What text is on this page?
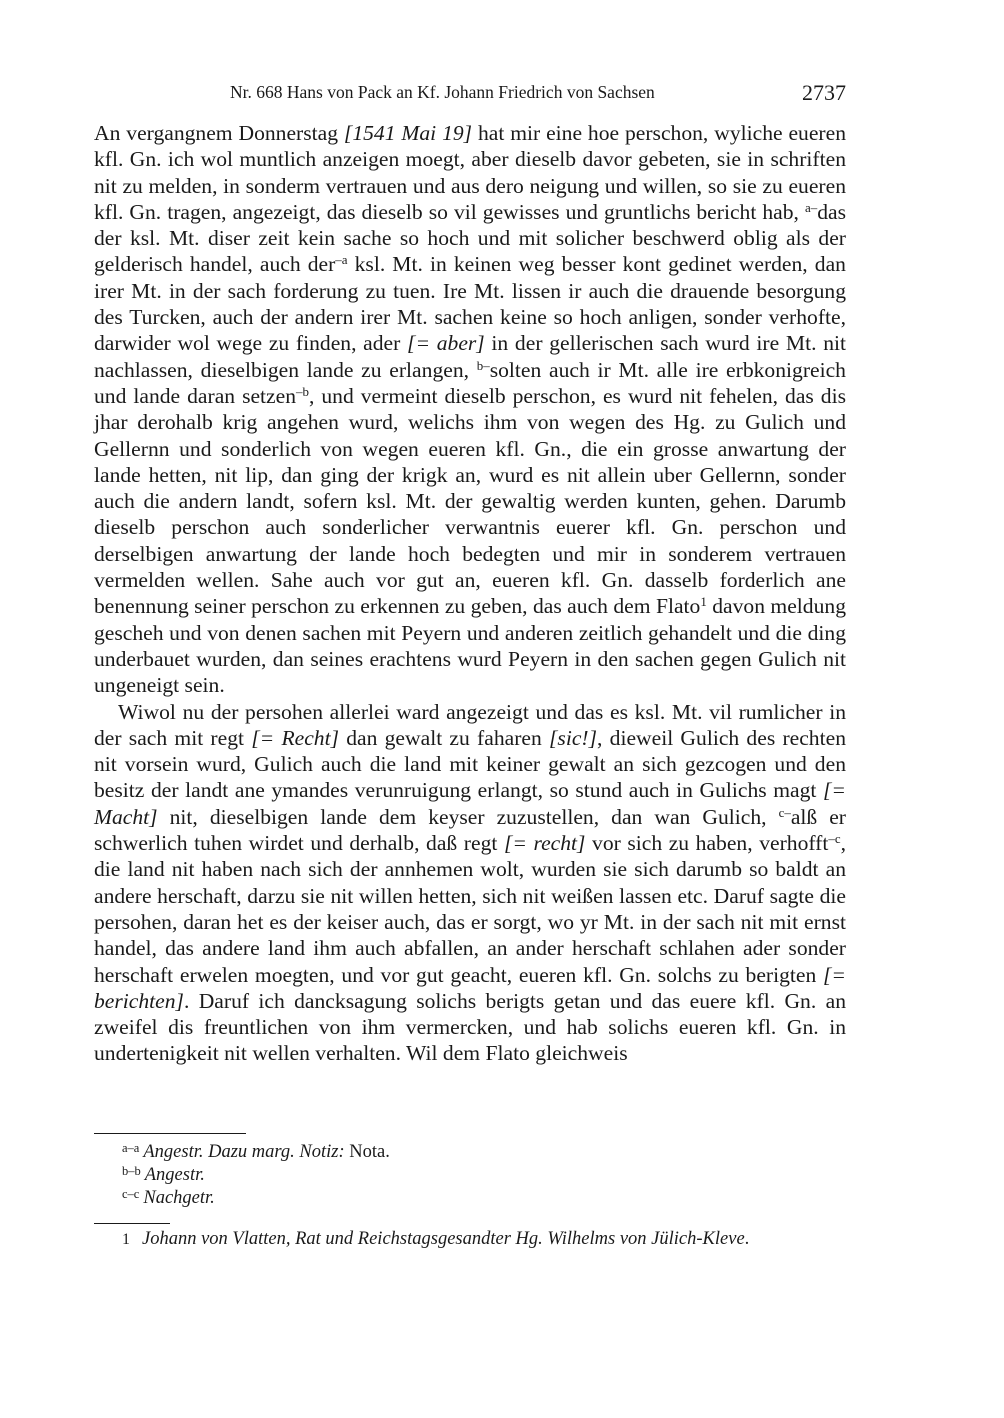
Nr. 668 Hans von Pack an Kf. Johann Friedrich von Sachsen	2737

An vergangnem Donnerstag [1541 Mai 19] hat mir eine hoe perschon, wyliche eueren kfl. Gn. ich wol muntlich anzeigen moegt, aber dieselb davor gebeten, sie in schriften nit zu melden, in sonderm vertrauen und aus dero neigung und willen, so sie zu eueren kfl. Gn. tragen, angezeigt, das dieselb so vil gewisses und gruntlichs bericht hab, $^{a-}$das der ksl. Mt. diser zeit kein sache so hoch und mit solicher beschwerd oblig als der gelderisch handel, auch der$^{-a}$ ksl. Mt. in keinen weg besser kont gedinet werden, dan irer Mt. in der sach forderung zu tuen. Ire Mt. lissen ir auch die drauende besorgung des Turcken, auch der andern irer Mt. sachen keine so hoch anligen, sonder verhofte, darwider wol wege zu finden, ader [= aber] in der gellerischen sach wurd ire Mt. nit nachlassen, dieselbigen lande zu erlangen, $^{b-}$solten auch ir Mt. alle ire erbkonigreich und lande daran setzen$^{-b}$, und vermeint dieselb perschon, es wurd nit fehelen, das dis jhar derohalb krig angehen wurd, welichs ihm von wegen des Hg. zu Gulich und Gellernn und sonderlich von wegen eueren kfl. Gn., die ein grosse anwartung der lande hetten, nit lip, dan ging der krigk an, wurd es nit allein uber Gellernn, sonder auch die andern landt, sofern ksl. Mt. der gewaltig werden kunten, gehen. Darumb dieselb perschon auch sonderlicher verwantnis euerer kfl. Gn. perschon und derselbigen anwartung der lande hoch bedegten und mir in sonderem vertrauen vermelden wellen. Sahe auch vor gut an, eueren kfl. Gn. dasselb forderlich ane benennung seiner perschon zu erkennen zu geben, das auch dem Flato$^1$ davon meldung gescheh und von denen sachen mit Peyern und anderen zeitlich gehandelt und die ding underbauet wurden, dan seines erachtens wurd Peyern in den sachen gegen Gulich nit ungeneigt sein.

Wiwol nu der persohen allerlei ward angezeigt und das es ksl. Mt. vil rumlicher in der sach mit regt [= Recht] dan gewalt zu faharen [sic!], dieweil Gulich des rechten nit vorsein wurd, Gulich auch die land mit keiner gewalt an sich gezcogen und den besitz der landt ane ymandes verunruigung erlangt, so stund auch in Gulichs magt [= Macht] nit, dieselbigen lande dem keyser zuzustellen, dan wan Gulich, $^{c-}$alß er schwerlich tuhen wirdet und derhalb, daß regt [= recht] vor sich zu haben, verhofft$^{-c}$, die land nit haben nach sich der annhemen wolt, wurden sie sich darumb so baldt an andere herschaft, darzu sie nit willen hetten, sich nit weißen lassen etc. Daruf sagte die persohen, daran het es der keiser auch, das er sorgt, wo yr Mt. in der sach nit mit ernst handel, das andere land ihm auch abfallen, an ander herschaft schlahen ader sonder herschaft erwelen moegten, und vor gut geacht, eueren kfl. Gn. solchs zu berigten [= berichten]. Daruf ich dancksagung solichs berigts getan und das euere kfl. Gn. an zweifel dis freuntlichen von ihm vermercken, und hab solichs eueren kfl. Gn. in undertenigkeit nit wellen verhalten. Wil dem Flato gleichweis

$^{a-a}$ Angestr. Dazu marg. Notiz: Nota.
$^{b-b}$ Angestr.
$^{c-c}$ Nachgetr.
1 Johann von Vlatten, Rat und Reichstagsgesandter Hg. Wilhelms von Jülich-Kleve.
